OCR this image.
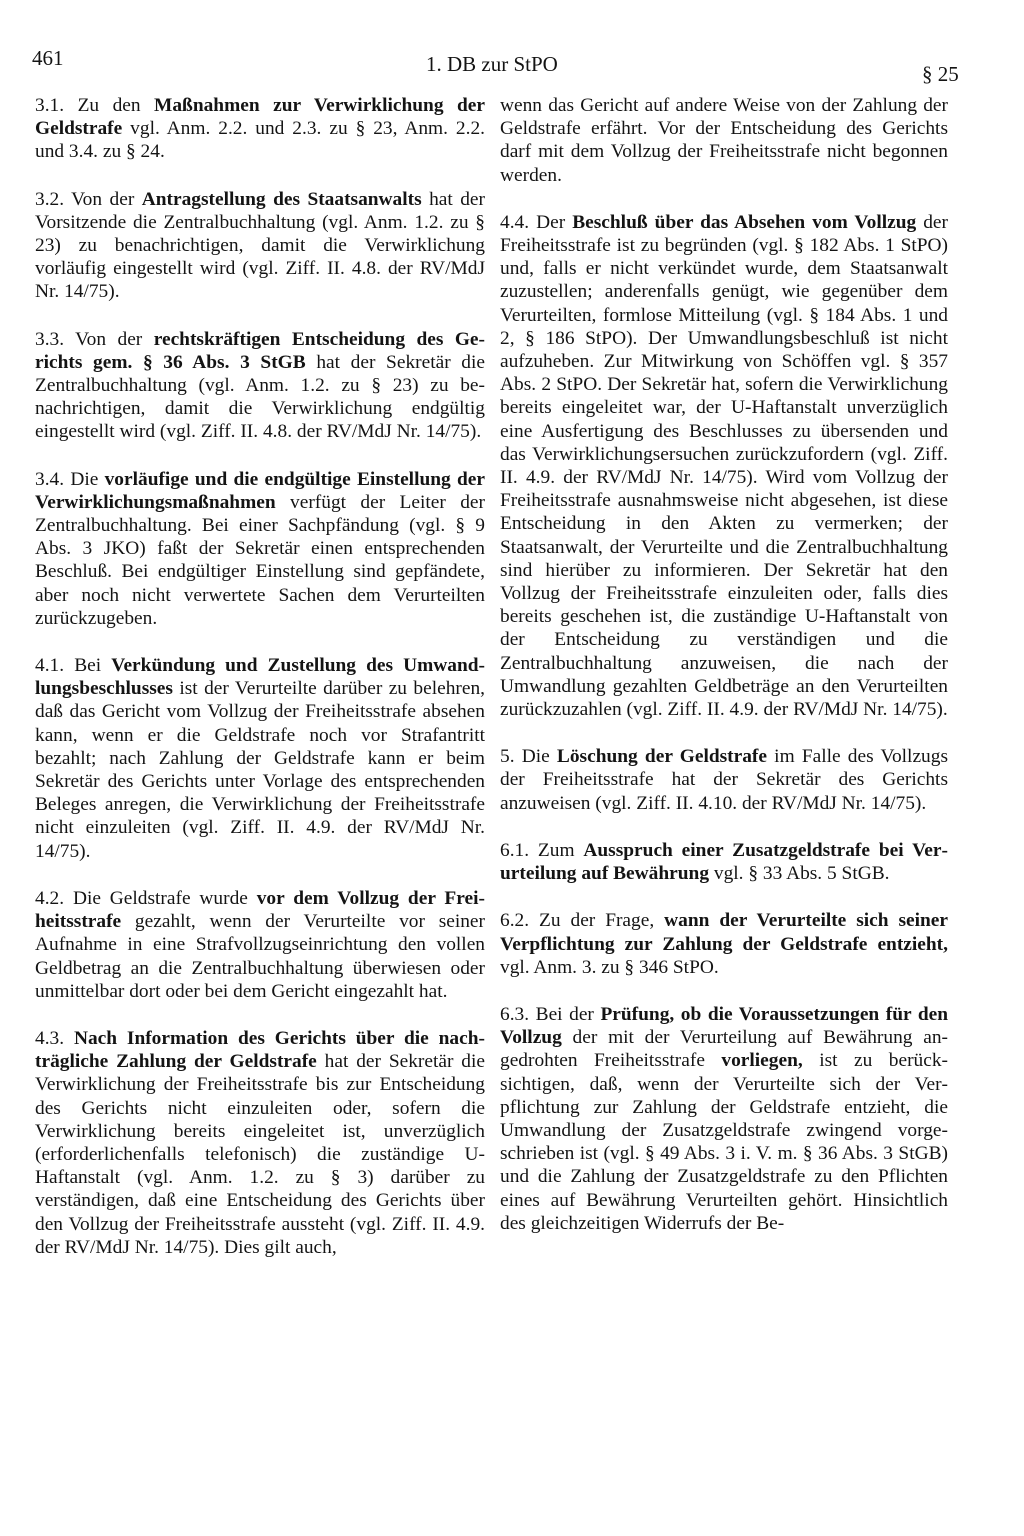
461	1. DB zur StPO	§ 25

3.1. Zu den Maßnahmen zur Verwirklichung der Geldstrafe vgl. Anm. 2.2. und 2.3. zu § 23, Anm. 2.2. und 3.4. zu § 24.

3.2. Von der Antragstellung des Staatsanwalts hat der Vorsitzende die Zentralbuchhaltung (vgl. Anm. 1.2. zu § 23) zu benachrichtigen, damit die Verwirklichung vorläufig eingestellt wird (vgl. Ziff. II. 4.8. der RV/MdJ Nr. 14/75).

3.3. Von der rechtskräftigen Entscheidung des Gerichts gem. § 36 Abs. 3 StGB hat der Sekretär die Zentralbuchhaltung (vgl. Anm. 1.2. zu § 23) zu benachrichtigen, damit die Verwirklichung endgültig eingestellt wird (vgl. Ziff. II. 4.8. der RV/MdJ Nr. 14/75).

3.4. Die vorläufige und die endgültige Einstellung der Verwirklichungsmaßnahmen verfügt der Leiter der Zentralbuchhaltung. Bei einer Sachpfändung (vgl. § 9 Abs. 3 JKO) faßt der Sekretär einen entsprechenden Beschluß. Bei endgültiger Einstellung sind gepfändete, aber noch nicht verwertete Sachen dem Verurteilten zurückzugeben.

4.1. Bei Verkündung und Zustellung des Umwandlungsbeschlusses ist der Verurteilte darüber zu belehren, daß das Gericht vom Vollzug der Freiheitsstrafe absehen kann, wenn er die Geldstrafe noch vor Strafantritt bezahlt; nach Zahlung der Geldstrafe kann er beim Sekretär des Gerichts unter Vorlage des entsprechenden Beleges anregen, die Verwirklichung der Freiheitsstrafe nicht einzuleiten (vgl. Ziff. II. 4.9. der RV/MdJ Nr. 14/75).

4.2. Die Geldstrafe wurde vor dem Vollzug der Freiheitsstrafe gezahlt, wenn der Verurteilte vor seiner Aufnahme in eine Strafvollzugseinrichtung den vollen Geldbetrag an die Zentralbuchhaltung überwiesen oder unmittelbar dort oder bei dem Gericht eingezahlt hat.

4.3. Nach Information des Gerichts über die nachträgliche Zahlung der Geldstrafe hat der Sekretär die Verwirklichung der Freiheitsstrafe bis zur Entscheidung des Gerichts nicht einzuleiten oder, sofern die Verwirklichung bereits eingeleitet ist, unverzüglich (erforderlichenfalls telefonisch) die zuständige U-Haftanstalt (vgl. Anm. 1.2. zu § 3) darüber zu verständigen, daß eine Entscheidung des Gerichts über den Vollzug der Freiheitsstrafe aussteht (vgl. Ziff. II. 4.9. der RV/MdJ Nr. 14/75). Dies gilt auch,

wenn das Gericht auf andere Weise von der Zahlung der Geldstrafe erfährt. Vor der Entscheidung des Gerichts darf mit dem Vollzug der Freiheitsstrafe nicht begonnen werden.

4.4. Der Beschluß über das Absehen vom Vollzug der Freiheitsstrafe ist zu begründen (vgl. § 182 Abs. 1 StPO) und, falls er nicht verkündet wurde, dem Staatsanwalt zuzustellen; anderenfalls genügt, wie gegenüber dem Verurteilten, formlose Mitteilung (vgl. § 184 Abs. 1 und 2, § 186 StPO). Der Umwandlungsbeschluß ist nicht aufzuheben. Zur Mitwirkung von Schöffen vgl. § 357 Abs. 2 StPO. Der Sekretär hat, sofern die Verwirklichung bereits eingeleitet war, der U-Haftanstalt unverzüglich eine Ausfertigung des Beschlusses zu übersenden und das Verwirklichungsersuchen zurückzufordern (vgl. Ziff. II. 4.9. der RV/MdJ Nr. 14/75). Wird vom Vollzug der Freiheitsstrafe ausnahmsweise nicht abgesehen, ist diese Entscheidung in den Akten zu vermerken; der Staatsanwalt, der Verurteilte und die Zentralbuchhaltung sind hierüber zu informieren. Der Sekretär hat den Vollzug der Freiheitsstrafe einzuleiten oder, falls dies bereits geschehen ist, die zuständige U-Haftanstalt von der Entscheidung zu verständigen und die Zentralbuchhaltung anzuweisen, die nach der Umwandlung gezahlten Geldbeträge an den Verurteilten zurückzuzahlen (vgl. Ziff. II. 4.9. der RV/MdJ Nr. 14/75).

5. Die Löschung der Geldstrafe im Falle des Vollzugs der Freiheitsstrafe hat der Sekretär des Gerichts anzuweisen (vgl. Ziff. II. 4.10. der RV/MdJ Nr. 14/75).

6.1. Zum Ausspruch einer Zusatzgeldstrafe bei Verurteilung auf Bewährung vgl. § 33 Abs. 5 StGB.

6.2. Zu der Frage, wann der Verurteilte sich seiner Verpflichtung zur Zahlung der Geldstrafe entzieht, vgl. Anm. 3. zu § 346 StPO.

6.3. Bei der Prüfung, ob die Voraussetzungen für den Vollzug der mit der Verurteilung auf Bewährung angedrohten Freiheitsstrafe vorliegen, ist zu berücksichtigen, daß, wenn der Verurteilte sich der Verpflichtung zur Zahlung der Geldstrafe entzieht, die Umwandlung der Zusatzgeldstrafe zwingend vorgeschrieben ist (vgl. § 49 Abs. 3 i. V. m. § 36 Abs. 3 StGB) und die Zahlung der Zusatzgeldstrafe zu den Pflichten eines auf Bewährung Verurteilten gehört. Hinsichtlich des gleichzeitigen Widerrufs der Be-
